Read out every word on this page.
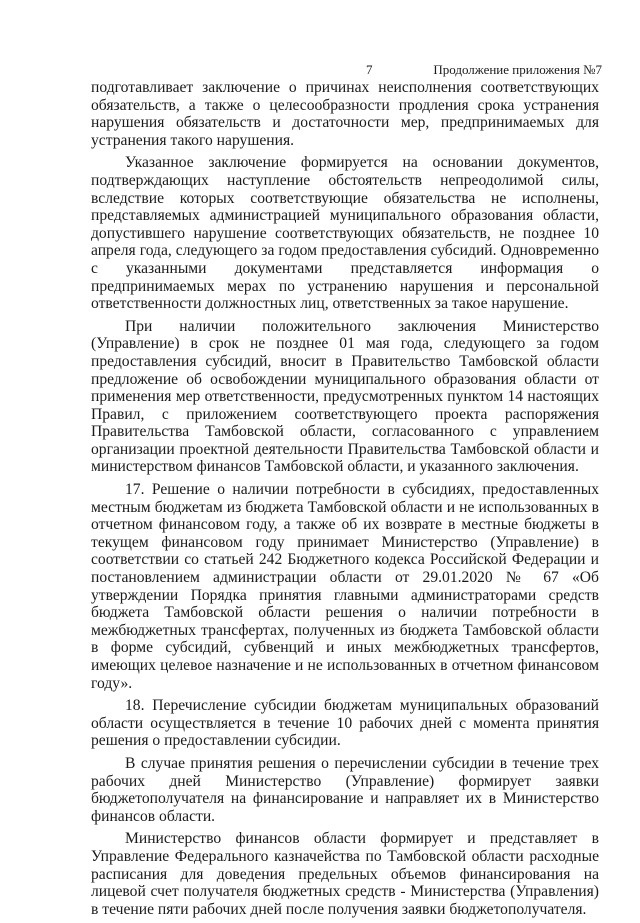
7	Продолжение приложения №7

подготавливает заключение о причинах неисполнения соответствующих обязательств, а также о целесообразности продления срока устранения нарушения обязательств и достаточности мер, предпринимаемых для устранения такого нарушения.

Указанное заключение формируется на основании документов, подтверждающих наступление обстоятельств непреодолимой силы, вследствие которых соответствующие обязательства не исполнены, представляемых администрацией муниципального образования области, допустившего нарушение соответствующих обязательств, не позднее 10 апреля года, следующего за годом предоставления субсидий. Одновременно с указанными документами представляется информация о предпринимаемых мерах по устранению нарушения и персональной ответственности должностных лиц, ответственных за такое нарушение.

При наличии положительного заключения Министерство (Управление) в срок не позднее 01 мая года, следующего за годом предоставления субсидий, вносит в Правительство Тамбовской области предложение об освобождении муниципального образования области от применения мер ответственности, предусмотренных пунктом 14 настоящих Правил, с приложением соответствующего проекта распоряжения Правительства Тамбовской области, согласованного с управлением организации проектной деятельности Правительства Тамбовской области и министерством финансов Тамбовской области, и указанного заключения.

17. Решение о наличии потребности в субсидиях, предоставленных местным бюджетам из бюджета Тамбовской области и не использованных в отчетном финансовом году, а также об их возврате в местные бюджеты в текущем финансовом году принимает Министерство (Управление) в соответствии со статьей 242 Бюджетного кодекса Российской Федерации и постановлением администрации области от 29.01.2020 № 67 «Об утверждении Порядка принятия главными администраторами средств бюджета Тамбовской области решения о наличии потребности в межбюджетных трансфертах, полученных из бюджета Тамбовской области в форме субсидий, субвенций и иных межбюджетных трансфертов, имеющих целевое назначение и не использованных в отчетном финансовом году».

18. Перечисление субсидии бюджетам муниципальных образований области осуществляется в течение 10 рабочих дней с момента принятия решения о предоставлении субсидии.

В случае принятия решения о перечислении субсидии в течение трех рабочих дней Министерство (Управление) формирует заявки бюджетополучателя на финансирование и направляет их в Министерство финансов области.

Министерство финансов области формирует и представляет в Управление Федерального казначейства по Тамбовской области расходные расписания для доведения предельных объемов финансирования на лицевой счет получателя бюджетных средств - Министерства (Управления) в течение пяти рабочих дней после получения заявки бюджетополучателя.
